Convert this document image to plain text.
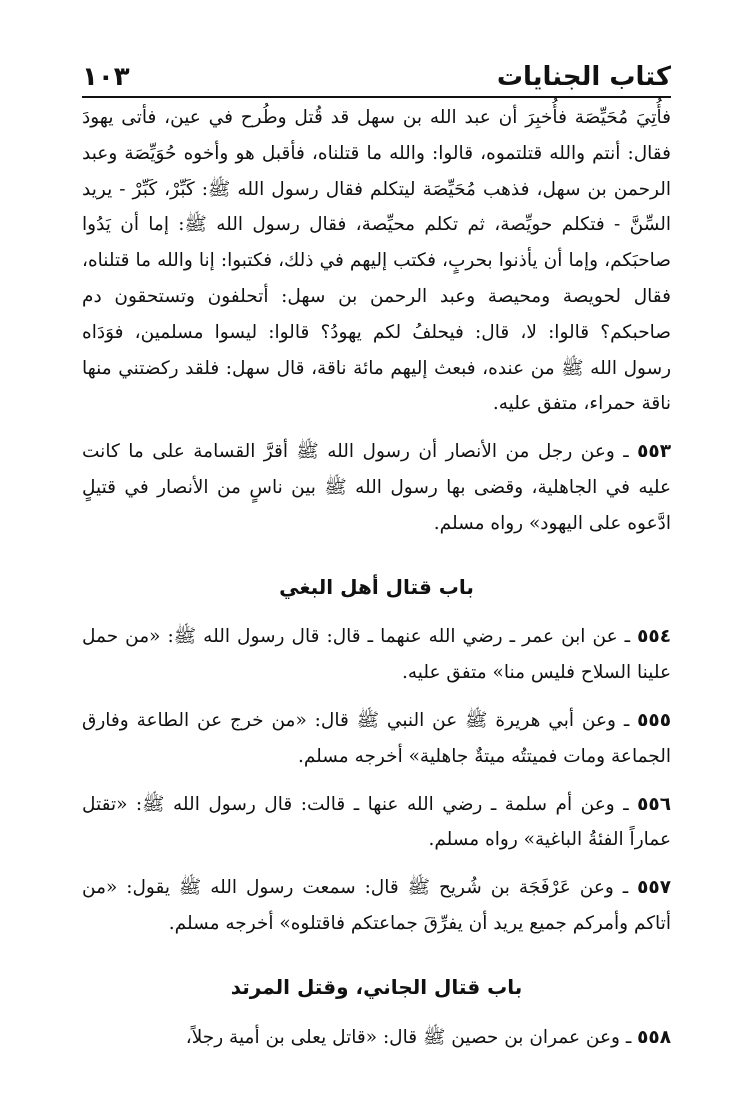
كتاب الجنايات
١٠٣

فأُتِيَ مُحَيِّصَة فأُخبِرَ أن عبد الله بن سهل قد قُتل وطُرح في عين، فأتى يهودَ فقال: أنتم والله قتلتموه، قالوا: والله ما قتلناه، فأقبل هو وأخوه حُوَيِّصَة وعبد الرحمن بن سهل، فذهب مُحَيِّصَة ليتكلم فقال رسول الله ﷺ: كَبِّرْ، كَبِّرْ - يريد السِّنَّ - فتكلم حويِّصة، ثم تكلم محيِّصة، فقال رسول الله ﷺ: إما أن يَدُوا صاحبَكم، وإما أن يأذنوا بحربٍ، فكتب إليهم في ذلك، فكتبوا: إنا والله ما قتلناه، فقال لحويصة ومحيصة وعبد الرحمن بن سهل: أتحلفون وتستحقون دم صاحبكم؟ قالوا: لا، قال: فيحلفُ لكم يهودُ؟ قالوا: ليسوا مسلمين، فوَدَاه رسول الله ﷺ من عنده، فبعث إليهم مائة ناقة، قال سهل: فلقد ركضتني منها ناقة حمراء، متفق عليه.

٥٥٣ ـ وعن رجل من الأنصار أن رسول الله ﷺ أقرَّ القسامة على ما كانت عليه في الجاهلية، وقضى بها رسول الله ﷺ بين ناسٍ من الأنصار في قتيلٍ ادَّعوه على اليهود» رواه مسلم.

باب قتال أهل البغي

٥٥٤ ـ عن ابن عمر ـ رضي الله عنهما ـ قال: قال رسول الله ﷺ: «من حمل علينا السلاح فليس منا» متفق عليه.

٥٥٥ ـ وعن أبي هريرة ﷺ عن النبي ﷺ قال: «من خرج عن الطاعة وفارق الجماعة ومات فميتتُه ميتةٌ جاهلية» أخرجه مسلم.

٥٥٦ ـ وعن أم سلمة ـ رضي الله عنها ـ قالت: قال رسول الله ﷺ: «تقتل عماراً الفئةُ الباغية» رواه مسلم.

٥٥٧ ـ وعن عَرْفَجَة بن شُريح ﷺ قال: سمعت رسول الله ﷺ يقول: «من أتاكم وأمركم جميع يريد أن يفرِّقَ جماعتكم فاقتلوه» أخرجه مسلم.

باب قتال الجاني، وقتل المرتد

٥٥٨ ـ وعن عمران بن حصين ﷺ قال: «قاتل يعلى بن أمية رجلاً،
